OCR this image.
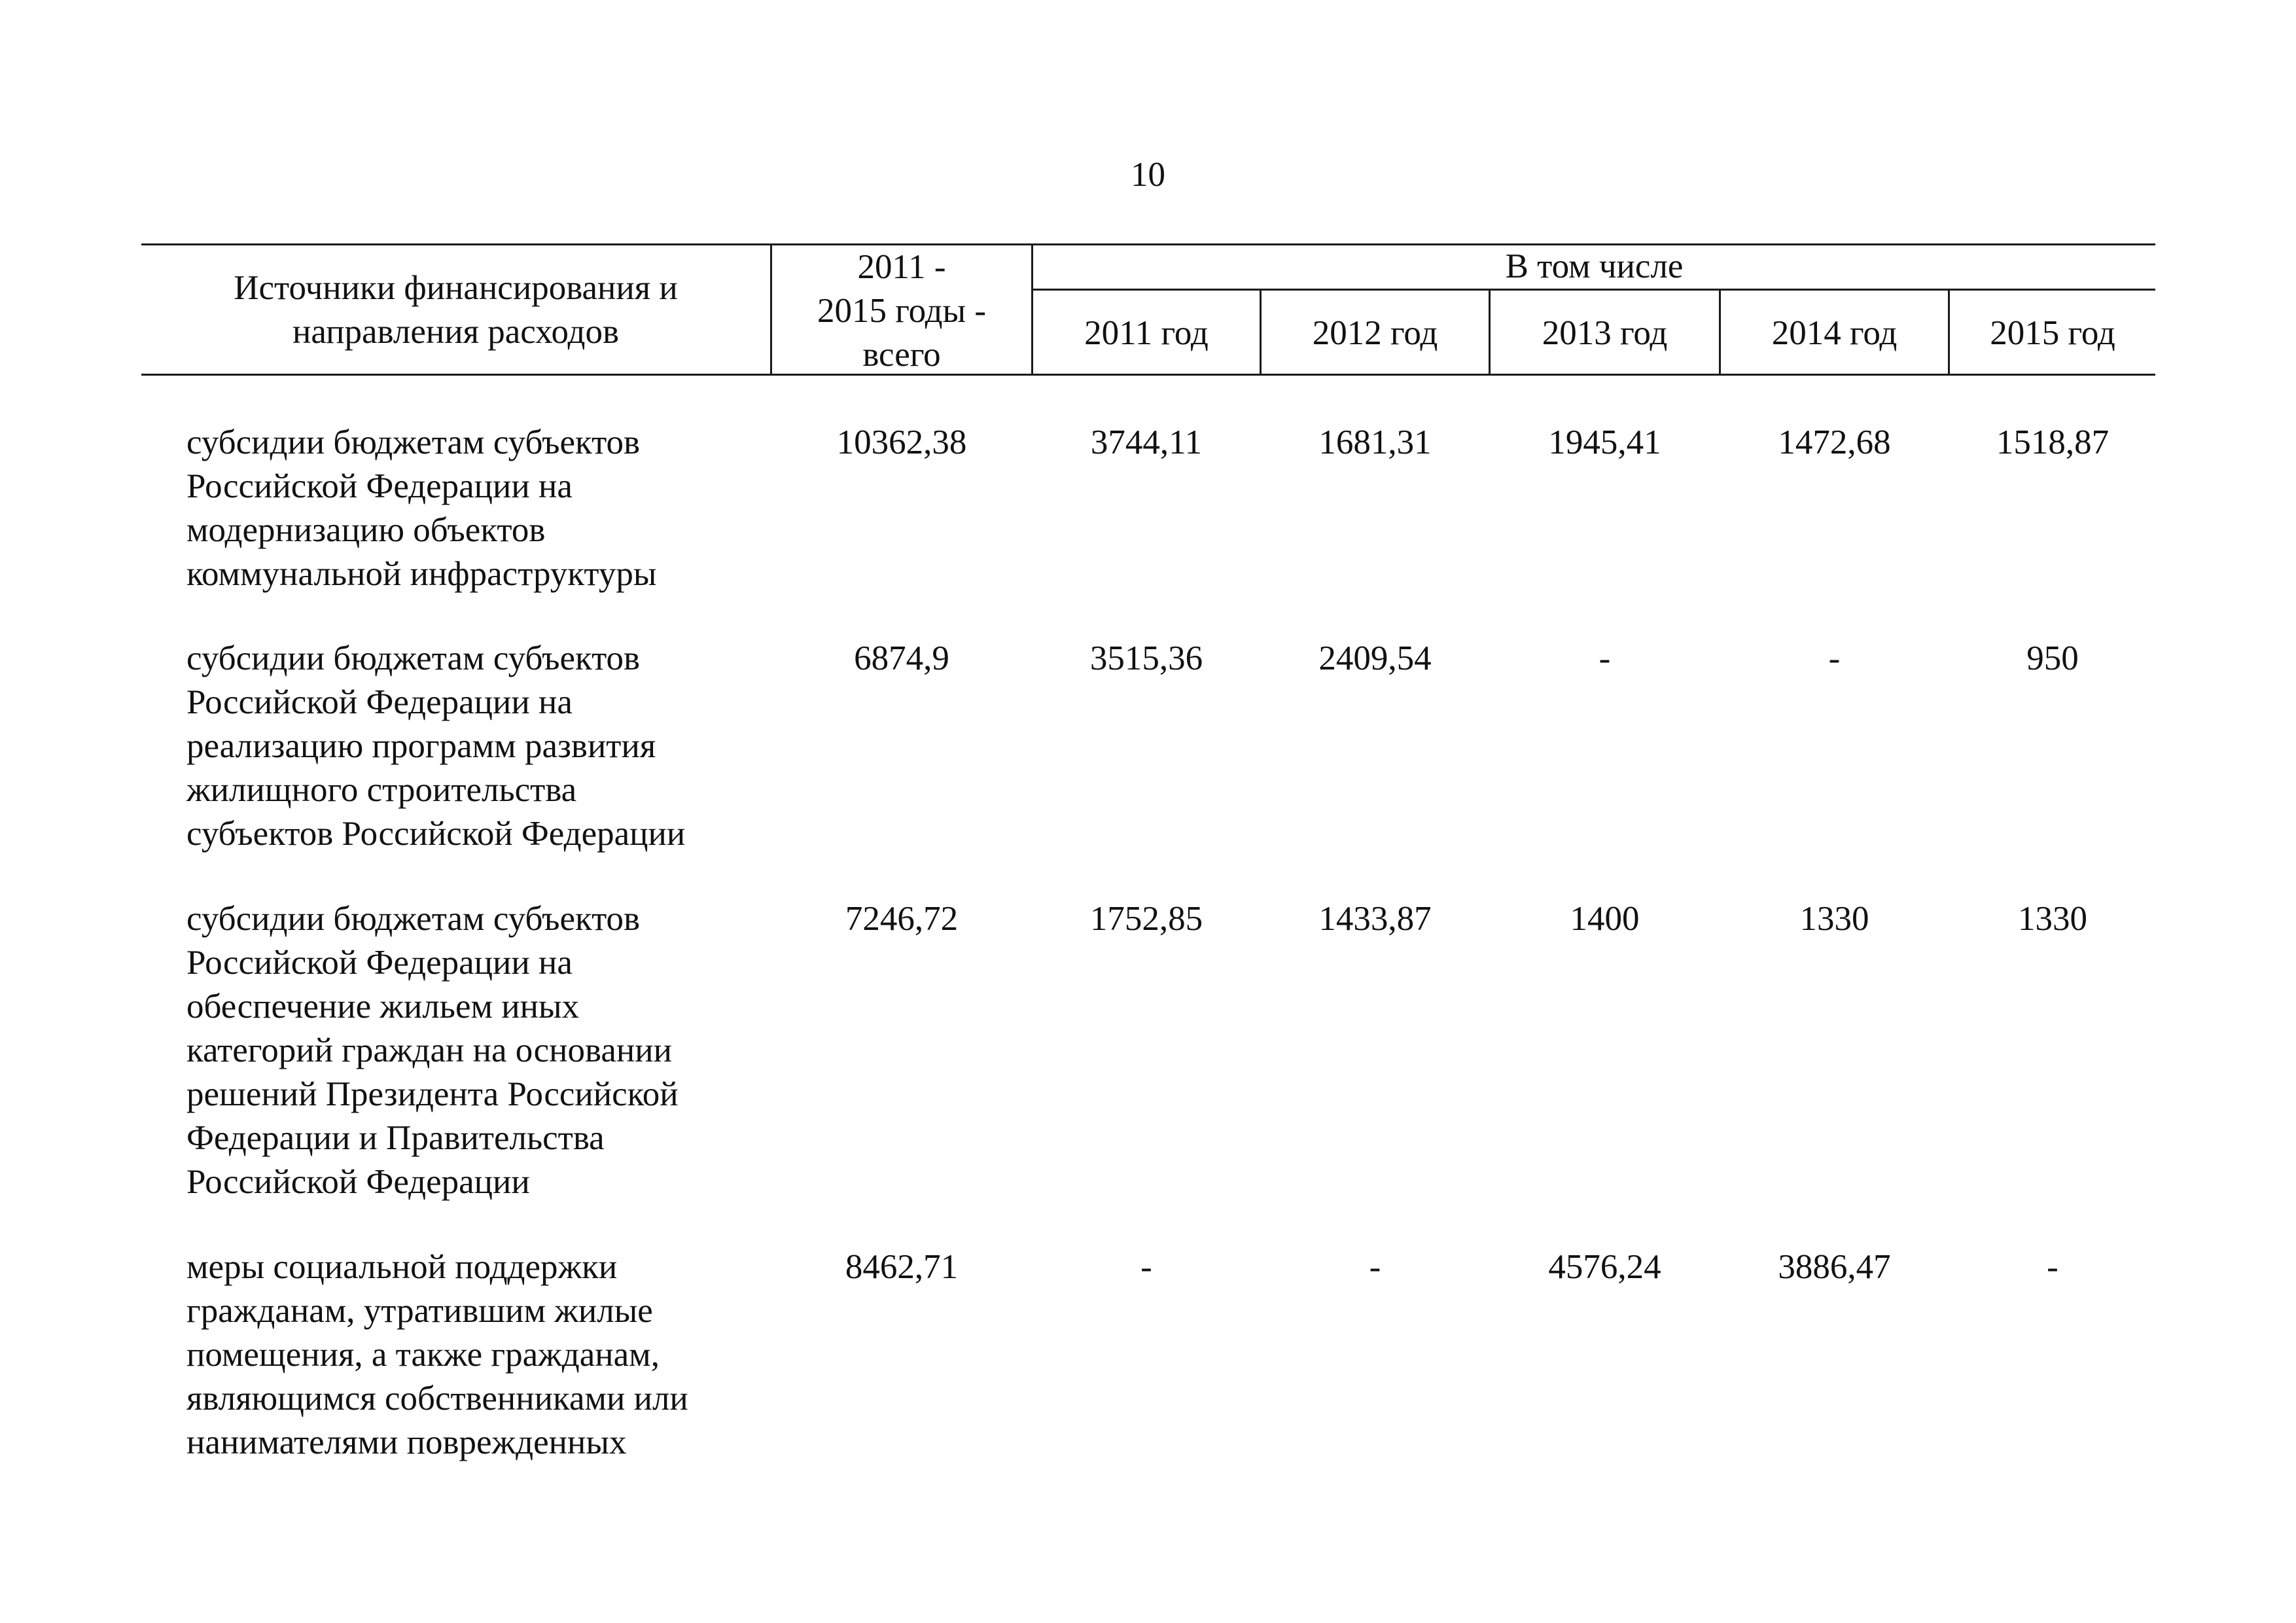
10
Источники финансирования и
направления расходов
2011 -
2015 годы -
всего
В том числе
2011 год	2012 год	2013 год	2014 год	2015 год
субсидии бюджетам субъектов
Российской Федерации на
модернизацию объектов
коммунальной инфраструктуры
10362,38	3744,11	1681,31	1945,41	1472,68	1518,87
субсидии бюджетам субъектов
Российской Федерации на
реализацию программ развития
жилищного строительства
субъектов Российской Федерации
6874,9	3515,36	2409,54	-	-	950
субсидии бюджетам субъектов
Российской Федерации на
обеспечение жильем иных
категорий граждан на основании
решений Президента Российской
Федерации и Правительства
Российской Федерации
7246,72	1752,85	1433,87	1400	1330	1330
меры социальной поддержки
гражданам, утратившим жилые
помещения, а также гражданам,
являющимся собственниками или
нанимателями поврежденных
8462,71	-	-	4576,24	3886,47	-
